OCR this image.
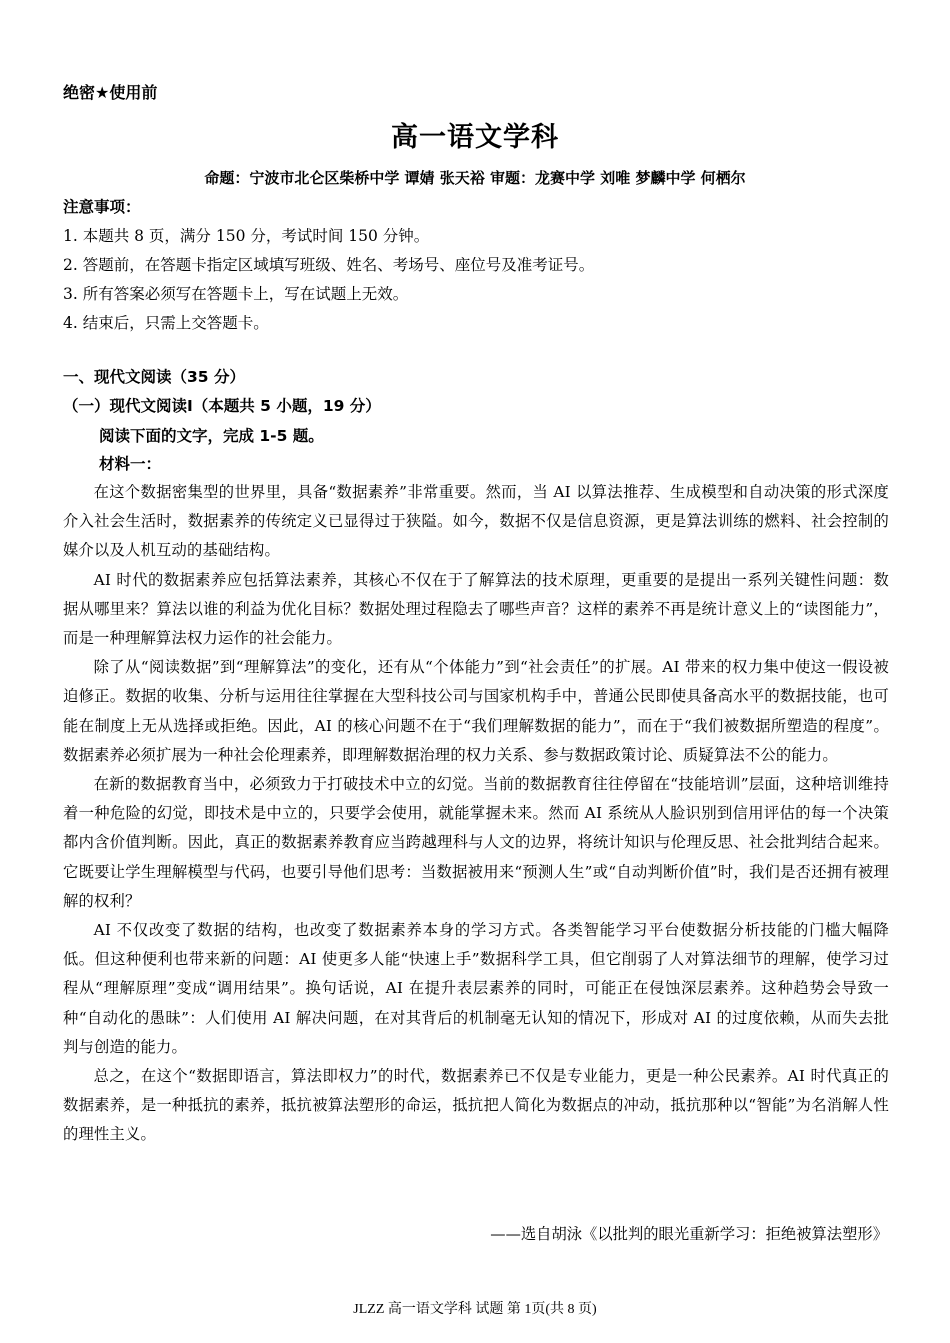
绝密★使用前
高一语文学科
命题：宁波市北仑区柴桥中学 谭婧 张天裕 审题：龙赛中学 刘唯 梦麟中学 何栖尔
注意事项：
1. 本题共 8 页，满分 150 分，考试时间 150 分钟。
2. 答题前，在答题卡指定区域填写班级、姓名、考场号、座位号及准考证号。
3. 所有答案必须写在答题卡上，写在试题上无效。
4. 结束后，只需上交答题卡。
一、现代文阅读（35 分）
（一）现代文阅读Ⅰ（本题共 5 小题，19 分）
阅读下面的文字，完成 1-5 题。
材料一：

在这个数据密集型的世界里，具备“数据素养”非常重要。然而，当 AI 以算法推荐、生成模型和自动决策的形式深度介入社会生活时，数据素养的传统定义已显得过于狭隘。如今，数据不仅是信息资源，更是算法训练的燃料、社会控制的媒介以及人机互动的基础结构。

AI 时代的数据素养应包括算法素养，其核心不仅在于了解算法的技术原理，更重要的是提出一系列关键性问题：数据从哪里来？算法以谁的利益为优化目标？数据处理过程隐去了哪些声音？这样的素养不再是统计意义上的“读图能力”，而是一种理解算法权力运作的社会能力。

除了从“阅读数据”到“理解算法”的变化，还有从“个体能力”到“社会责任”的扩展。AI 带来的权力集中使这一假设被迫修正。数据的收集、分析与运用往往掌握在大型科技公司与国家机构手中，普通公民即使具备高水平的数据技能，也可能在制度上无从选择或拒绝。因此，AI 的核心问题不在于“我们理解数据的能力”，而在于“我们被数据所塑造的程度”。数据素养必须扩展为一种社会伦理素养，即理解数据治理的权力关系、参与数据政策讨论、质疑算法不公的能力。

在新的数据教育当中，必须致力于打破技术中立的幻觉。当前的数据教育往往停留在“技能培训”层面，这种培训维持着一种危险的幻觉，即技术是中立的，只要学会使用，就能掌握未来。然而 AI 系统从人脸识别到信用评估的每一个决策都内含价值判断。因此，真正的数据素养教育应当跨越理科与人文的边界，将统计知识与伦理反思、社会批判结合起来。它既要让学生理解模型与代码，也要引导他们思考：当数据被用来“预测人生”或“自动判断价值”时，我们是否还拥有被理解的权利？

AI 不仅改变了数据的结构，也改变了数据素养本身的学习方式。各类智能学习平台使数据分析技能的门槛大幅降低。但这种便利也带来新的问题：AI 使更多人能“快速上手”数据科学工具，但它削弱了人对算法细节的理解，使学习过程从“理解原理”变成“调用结果”。换句话说，AI 在提升表层素养的同时，可能正在侵蚀深层素养。这种趋势会导致一种“自动化的愚昧”：人们使用 AI 解决问题，在对其背后的机制毫无认知的情况下，形成对 AI 的过度依赖，从而失去批判与创造的能力。

总之，在这个“数据即语言，算法即权力”的时代，数据素养已不仅是专业能力，更是一种公民素养。AI 时代真正的数据素养，是一种抵抗的素养，抵抗被算法塑形的命运，抵抗把人简化为数据点的冲动，抵抗那种以“智能”为名消解人性的理性主义。

——选自胡泳《以批判的眼光重新学习：拒绝被算法塑形》
JLZZ 高一语文学科 试题 第 1页(共 8 页)
